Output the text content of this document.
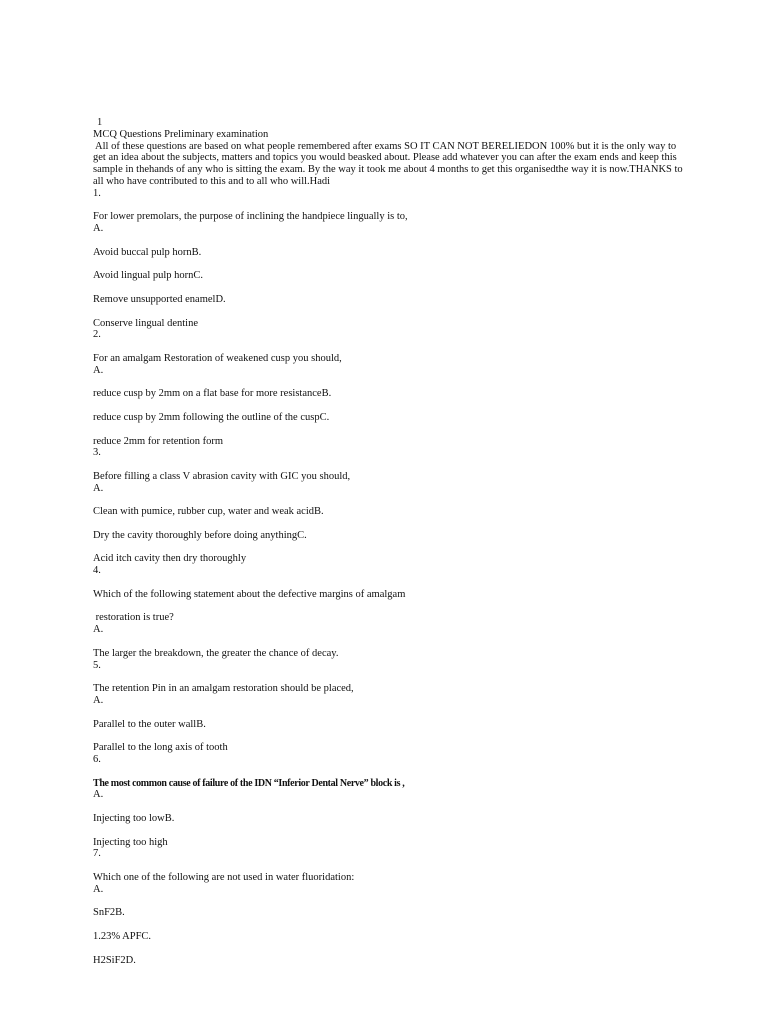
1
MCQ Questions Preliminary examination
All of these questions are based on what people remembered after exams SO IT CAN NOT BERELIEDON 100% but it is the only way to
get an idea about the subjects, matters and topics you would beasked about. Please add whatever you can after the exam ends and keep this
sample in thehands of any who is sitting the exam. By the way it took me about 4 months to get this organisedthe way it is now.THANKS to
all who have contributed to this and to all who will.Hadi
1.
For lower premolars, the purpose of inclining the handpiece lingually is to,
A.
Avoid buccal pulp hornB.
Avoid lingual pulp hornC.
Remove unsupported enamelD.
Conserve lingual dentine
2.
For an amalgam Restoration of weakened cusp you should,
A.
reduce cusp by 2mm on a flat base for more resistanceB.
reduce cusp by 2mm following the outline of the cuspC.
reduce 2mm for retention form
3.
Before filling a class V abrasion cavity with GIC you should,
A.
Clean with pumice, rubber cup, water and weak acidB.
Dry the cavity thoroughly before doing anythingC.
Acid itch cavity then dry thoroughly
4.
Which of the following statement about the defective margins of amalgam
restoration is true?
A.
The larger the breakdown, the greater the chance of decay.
5.
The retention Pin in an amalgam restoration should be placed,
A.
Parallel to the outer wallB.
Parallel to the long axis of tooth
6.
The most common cause of failure of the IDN “Inferior Dental Nerve” block is ,
A.
Injecting too lowB.
Injecting too high
7.
Which one of the following are not used in water fluoridation:
A.
SnF2B.
1.23% APFC.
H2SiF2D.
